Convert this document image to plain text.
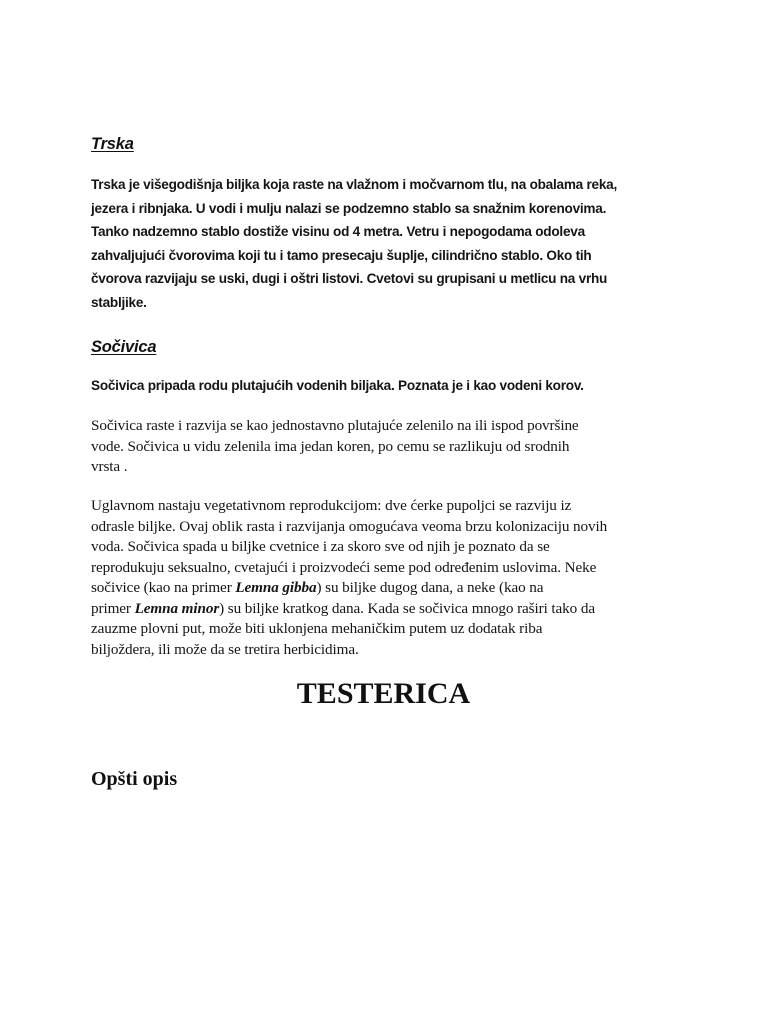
Trska

Trska je višegodišnja biljka koja raste na vlažnom i močvarnom tlu, na obalama reka,
jezera i ribnjaka. U vodi i mulju nalazi se podzemno stablo sa snažnim korenovima.
Tanko nadzemno stablo dostiže visinu od 4 metra. Vetru i nepogodama odoleva
zahvaljujući čvorovima koji tu i tamo presecaju šuplje, cilindrično stablo. Oko tih
čvorova razvijaju se uski, dugi i oštri listovi. Cvetovi su grupisani u metlicu na vrhu
stabljike.

Sočivica

Sočivica pripada rodu plutajućih vodenih biljaka. Poznata je i kao vodeni korov.

Sočivica raste i razvija se kao jednostavno plutajuće zelenilo na ili ispod površine
vode. Sočivica u vidu zelenila ima jedan koren, po cemu se razlikuju od srodnih
vrsta .

Uglavnom nastaju vegetativnom reprodukcijom: dve ćerke pupoljci se razviju iz
odrasle biljke. Ovaj oblik rasta i razvijanja omogućava veoma brzu kolonizaciju novih
voda. Sočivica spada u biljke cvetnice i za skoro sve od njih je poznato da se
reprodukuju seksualno, cvetajući i proizvodeći seme pod određenim uslovima. Neke
sočivice (kao na primer Lemna gibba) su biljke dugog dana, a neke (kao na
primer Lemna minor) su biljke kratkog dana. Kada se sočivica mnogo raširi tako da
zauzme plovni put, može biti uklonjena mehaničkim putem uz dodatak riba
biljoždera, ili može da se tretira herbicidima.

TESTERICA
Opšti opis
